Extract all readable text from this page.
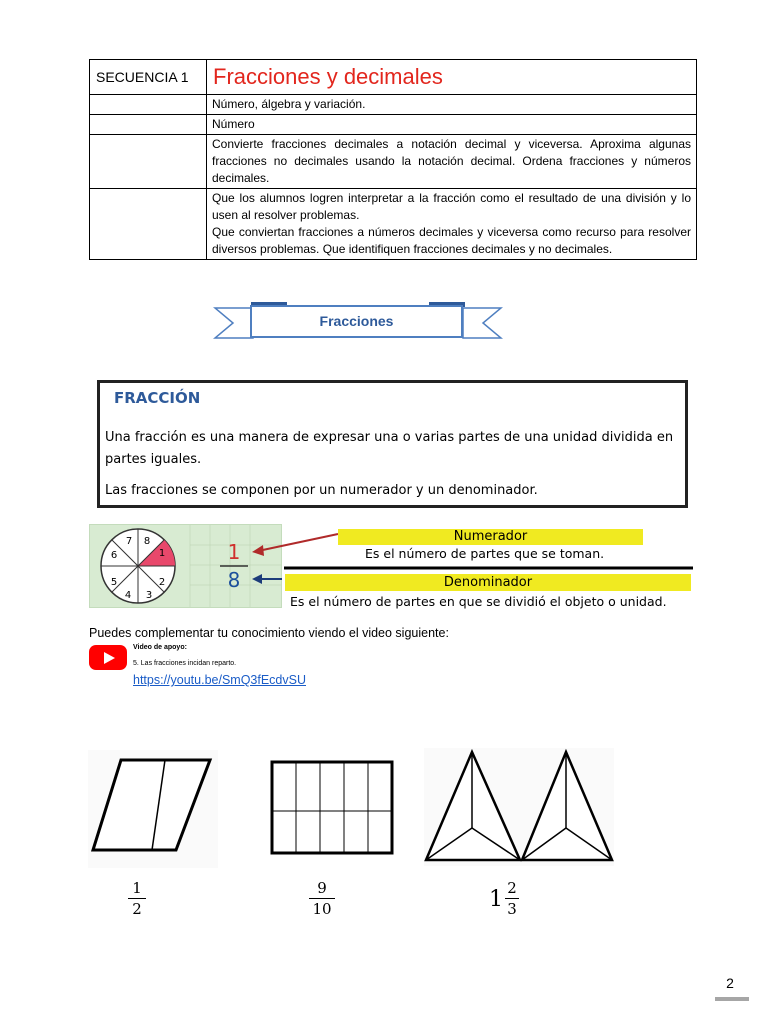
SECUENCIA 1	Fracciones y decimales
	Número, álgebra y variación.
	Número
	Convierte fracciones decimales a notación decimal y viceversa. Aproxima algunas fracciones no decimales usando la notación decimal. Ordena fracciones y números decimales.

	Que los alumnos logren interpretar a la fracción como el resultado de una división y lo usen al resolver problemas.
Que conviertan fracciones a números decimales y viceversa como recurso para resolver diversos problemas. Que identifiquen fracciones decimales y no decimales.
Fracciones
FRACCIÓN
Una fracción es una manera de expresar una o varias partes de una unidad dividida en partes iguales.
Las fracciones se componen por un numerador y un denominador.
1
2
3
4
5
6
7 8	1
8
Numerador
Es el número de partes que se toman.
Denominador
Es el número de partes en que se dividió el objeto o unidad.
Puedes complementar tu conocimiento viendo el video siguiente:
Video de apoyo:
5. Las fracciones incidan reparto.
https://youtu.be/SmQ3fEcdvSU
1
2
9
10	1 2
3
2
